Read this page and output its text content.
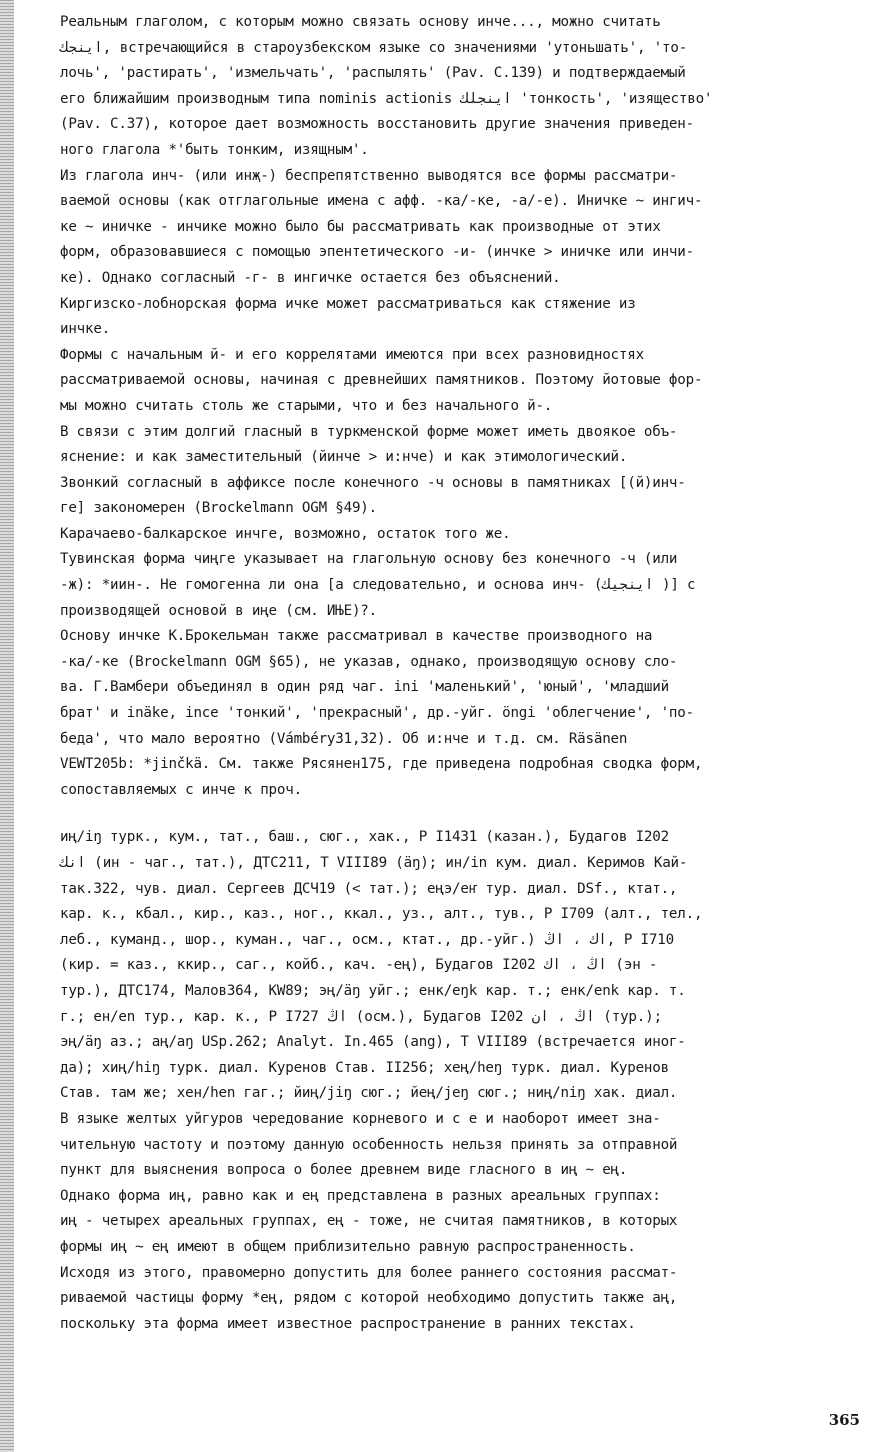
Реальным глаголом, с которым можно связать основу инче..., можно считать

اينجك, встречающийся в староузбекском языке со значениями 'утоньшать', 'то-

лочь', 'растирать', 'измельчать', 'распылять' (Pav. C.139) и подтверждаемый

его ближайшим производным типа nominis actionis اينجلك 'тонкость', 'изящество'

(Pav. C.37), которое дает возможность восстановить другие значения приведен-

ного глагола *'быть тонким, изящным'.

Из глагола инч- (или инҗ-) беспрепятственно выводятся все формы рассматри-

ваемой основы (как отглагольные имена с афф. -ка/-ке, -а/-е). Иничке ~ ингич-

ке ~ иничке - инчике можно было бы рассматривать как производные от этих

форм, образовавшиеся с помощью эпентетического -и- (инчке > иничке или инчи-

ке). Однако согласный -г- в ингичке остается без объяснений.

Киргизско-лобнорская форма ичке может рассматриваться как стяжение из

инчке.

Формы с начальным й- и его коррелятами имеются при всех разновидностях

рассматриваемой основы, начиная с древнейших памятников. Поэтому йотовые фор-

мы можно считать столь же старыми, что и без начального й-.

В связи с этим долгий гласный в туркменской форме может иметь двоякое объ-

яснение: и как заместительный (йинче > и:нче) и как этимологический.

Звонкий согласный в аффиксе после конечного -ч основы в памятниках [(й)инч-

ге] закономерен (Brockelmann OGM §49).

Карачаево-балкарское инчге, возможно, остаток того же.

Тувинская форма чиңге указывает на глагольную основу без конечного -ч (или

-ж): *иин-. Не гомогенна ли она [а следовательно, и основа инч- (اينجيك )] с

производящей основой в иңе (см. ИЊЕ)?.

Основу инчке К.Брокельман также рассматривал в качестве производного на

-ка/-ке (Brockelmann OGM §65), не указав, однако, производящую основу сло-

ва. Г.Вамбери объединял в один ряд чаг. ini 'маленький', 'юный', 'младший

брат' и inäke, ince 'тонкий', 'прекрасный', др.-уйг. öngi 'облегчение', 'по-

беда', что мало вероятно (Vámbéry31,32). Об и:нче и т.д. см. Räsänen

VEWT205b: *jinčkä. См. также Рясянен175, где приведена подробная сводка форм,

сопоставляемых с инче к проч.

иң/iŋ турк., кум., тат., баш., сюг., хак., Р I1431 (казан.), Будагов I202

انك (ин - чаг., тат.), ДТС211, Т VIII89 (äŋ); ин/in кум. диал. Керимов Кай-

так.322, чув. диал. Сергеев ДСЧ19 (< тат.); еңэ/еҥ тур. диал. DSf., ктат.,

кар. к., кбал., кир., каз., ног., ккал., уз., алт., тув., Р I709 (алт., тел.,

леб., куманд., шор., куман., чаг., осм., ктат., др.-уйг.) اك ، اڭ, Р I710

(кир. = каз., ккир., саг., койб., кач. -ең), Будагов I202 اڭ ، اك (эн -

тур.), ДТС174, Малов364, KW89; эң/äŋ уйг.; енк/eŋk кар. т.; енк/enk кар. т.

г.; ен/en тур., кар. к., Р I727 اڭ (осм.), Будагов I202 اڭ ، ان (тур.);

эң/äŋ аз.; аң/aŋ USp.262; Analyt. In.465 (ang), Т VIII89 (встречается иног-

да); хиң/hiŋ турк. диал. Куренов Став. II256; хең/heŋ турк. диал. Куренов

Став. там же; хен/hen гаг.; йиң/jiŋ сюг.; йең/jeŋ сюг.; ниң/niŋ хак. диал.

В языке желтых уйгуров чередование корневого и с е и наоборот имеет зна-

чительную частоту и поэтому данную особенность нельзя принять за отправной

пункт для выяснения вопроса о более древнем виде гласного в иң ~ ең.

Однако форма иң, равно как и ең представлена в разных ареальных группах:

иң - четырех ареальных группах, ең - тоже, не считая памятников, в которых

формы иң ~ ең имеют в общем приблизительно равную распространенность.

Исходя из этого, правомерно допустить для более раннего состояния рассмат-

риваемой частицы форму *ең, рядом с которой необходимо допустить также аң,

поскольку эта форма имеет известное распространение в ранних текстах.

365
